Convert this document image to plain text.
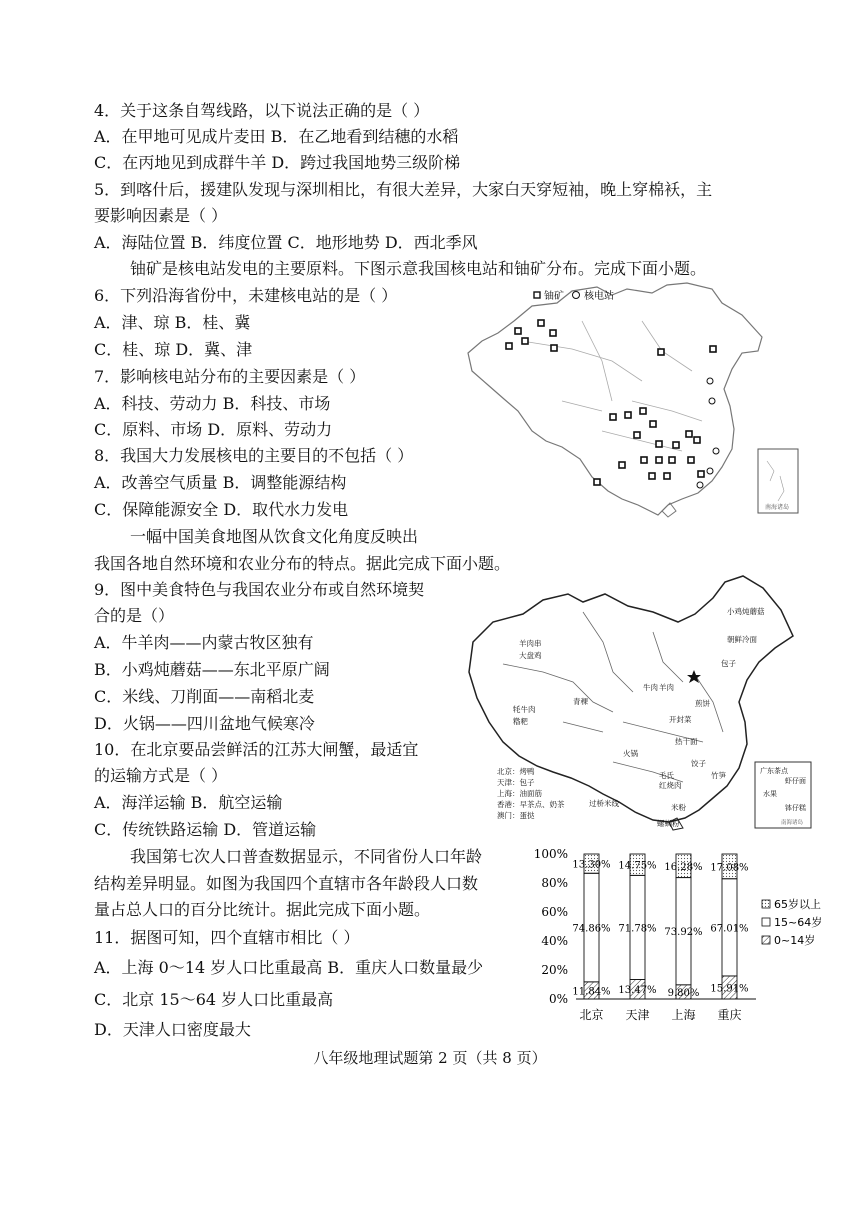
4．关于这条自驾线路，以下说法正确的是（ ）
A．在甲地可见成片麦田 B．在乙地看到结穗的水稻
C．在丙地见到成群牛羊 D．跨过我国地势三级阶梯
5．到喀什后，援建队发现与深圳相比，有很大差异，大家白天穿短袖，晚上穿棉袄，主
要影响因素是（ ）
A．海陆位置 B．纬度位置 C．地形地势 D．西北季风
铀矿是核电站发电的主要原料。下图示意我国核电站和铀矿分布。完成下面小题。
6．下列沿海省份中，未建核电站的是（ ）
A．津、琼 B．桂、冀
C．桂、琼 D．冀、津
7．影响核电站分布的主要因素是（ ）
A．科技、劳动力 B．科技、市场
C．原料、市场 D．原料、劳动力
8．我国大力发展核电的主要目的不包括（ ）
A．改善空气质量 B．调整能源结构
C．保障能源安全 D．取代水力发电
一幅中国美食地图从饮食文化角度反映出
我国各地自然环境和农业分布的特点。据此完成下面小题。
9．图中美食特色与我国农业分布或自然环境契
合的是（）
A．牛羊肉——内蒙古牧区独有
B．小鸡炖蘑菇——东北平原广阔
C．米线、刀削面——南稻北麦
D．火锅——四川盆地气候寒冷
10．在北京要品尝鲜活的江苏大闸蟹，最适宜
的运输方式是（ ）
A．海洋运输 B．航空运输
C．传统铁路运输 D．管道运输
我国第七次人口普查数据显示，不同省份人口年龄
结构差异明显。如图为我国四个直辖市各年龄段人口数
量占总人口的百分比统计。据此完成下面小题。
11．据图可知，四个直辖市相比（ ）
A．上海 0～14 岁人口比重最高 B．重庆人口数量最少
C．北京 15～64 岁人口比重最高
D．天津人口密度最大
南海诸岛
铀矿 核电站
小鸡炖蘑菇
朝鲜冷面
羊肉串
大盘鸡
包子
青稞
牦牛肉
糌粑	开封菜
煎饼
火锅
过桥米线
螺蛳粉
米粉
牛肉 羊肉
热干面
毛氏
红烧肉
饺子
竹笋
北京：烤鸭
天津：包子
上海：油面筋
香港：早茶点、奶茶
澳门：蛋挞
广东茶点
虾仔面
水果
钵仔糕
南海诸岛
0%
20%
40%
60%
80%
100%
11.84%
74.86%
13.30%
北京
13.47%
71.78%
14.75%
天津
9.80%
73.92%
16.28%
上海
15.91%
67.01%
17.08%
重庆
65岁以上
15~64岁
0~14岁
八年级地理试题第 2 页（共 8 页）
